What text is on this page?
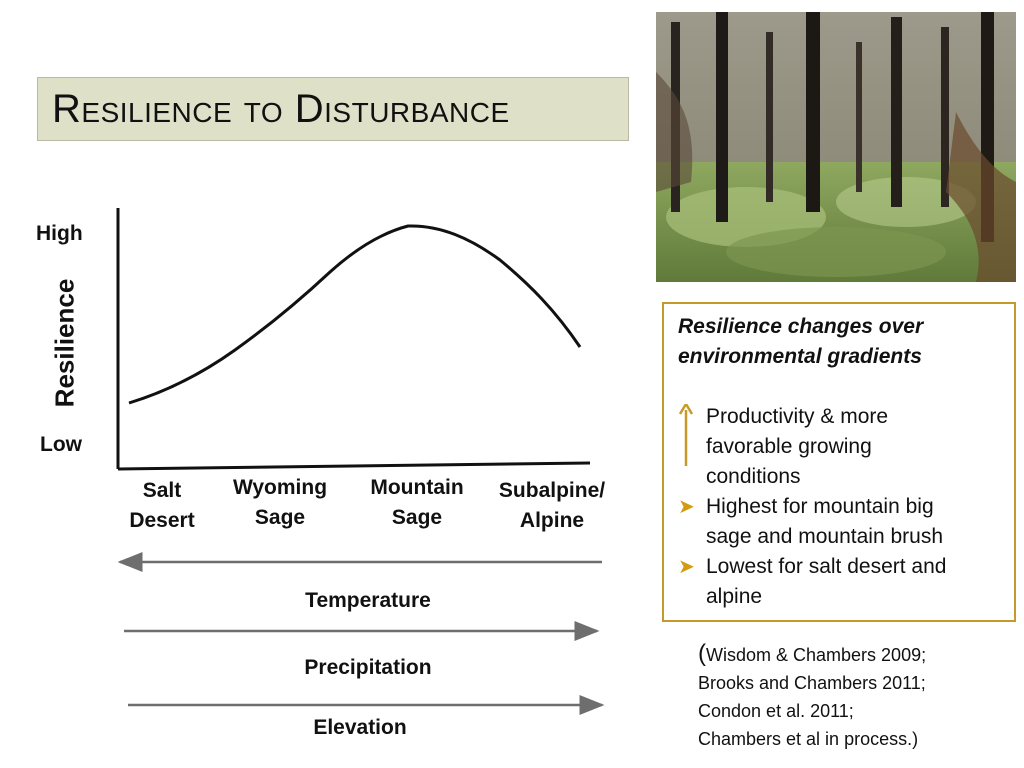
Resilience to Disturbance
High
Low
Resilience
Salt
Desert
Wyoming
Sage
Mountain
Sage
Subalpine/
Alpine
Temperature
Precipitation
Elevation
Resilience changes over
environmental gradients
Productivity & more
favorable growing
conditions
➤ Highest for mountain big
sage and mountain brush
➤ Lowest for salt desert and
alpine
(Wisdom & Chambers 2009;
Brooks and Chambers 2011;
Condon et al. 2011;
Chambers et al in process.)
